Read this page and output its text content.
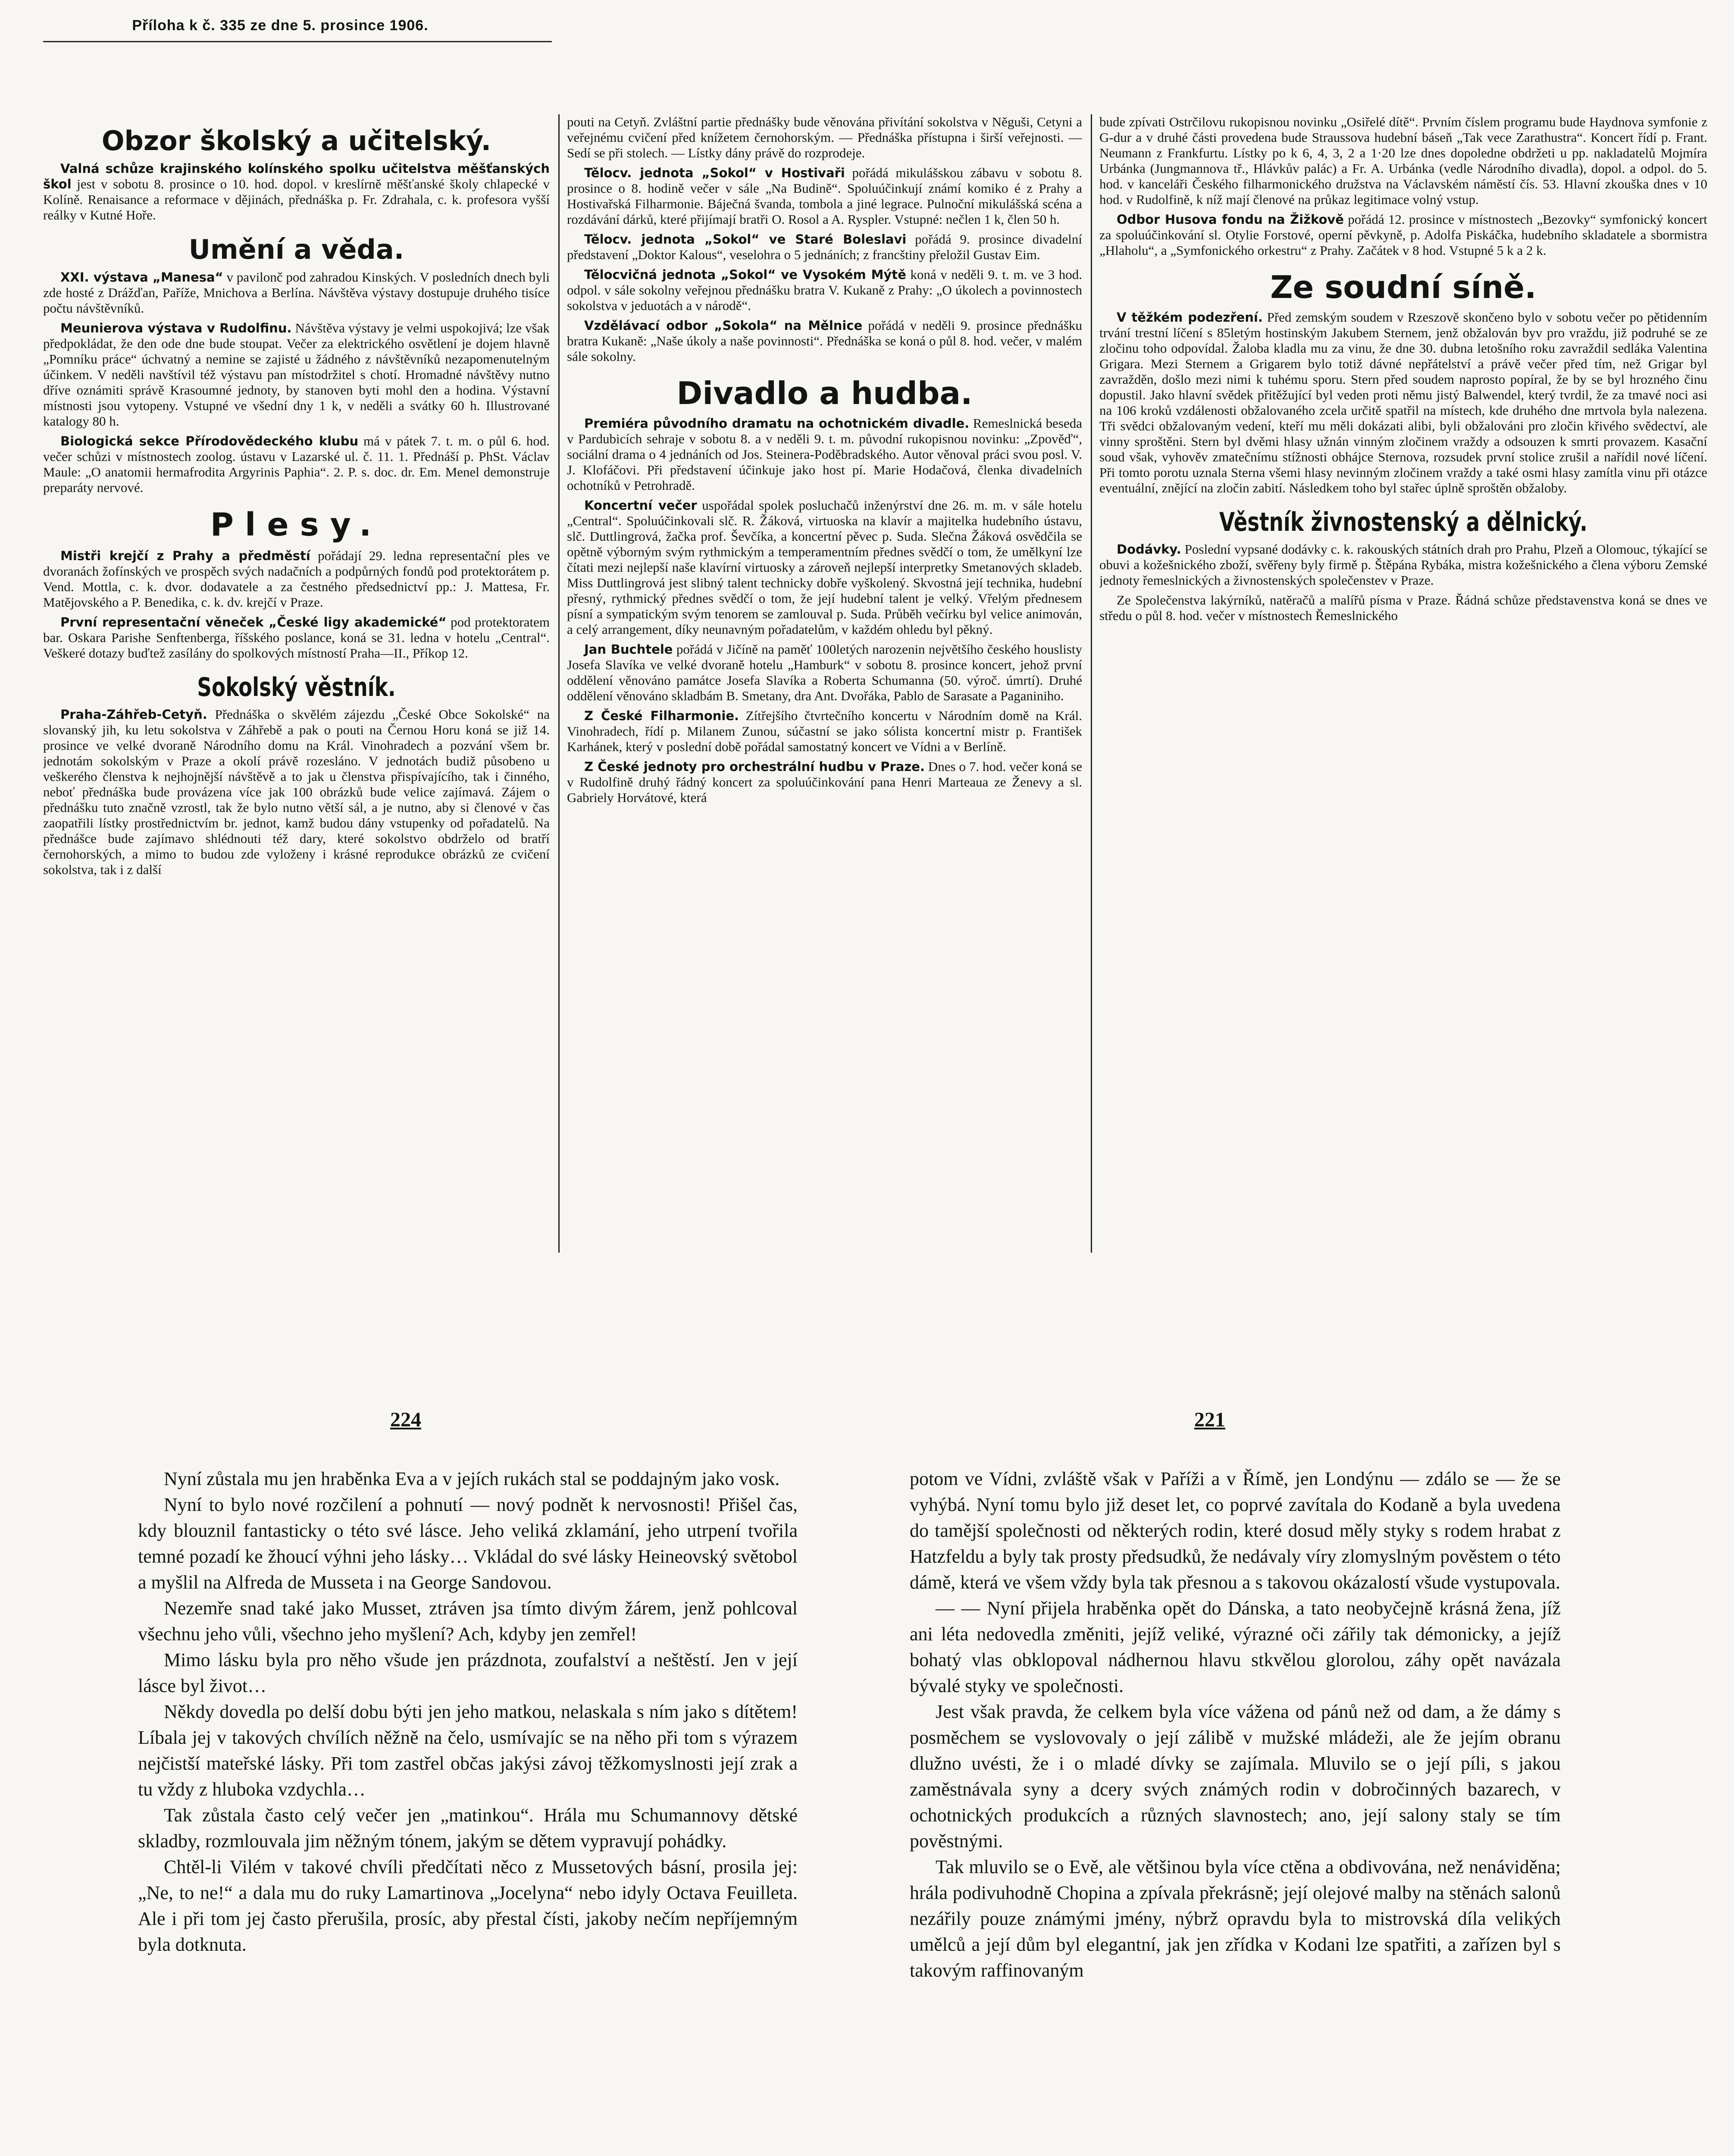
Příloha k č. 335 ze dne 5. prosince 1906.
Obzor školský a učitelský.

Valná schůze krajinského kolínského spolku učitelstva měšťanských škol jest v sobotu 8. prosince o 10. hod. dopol. v kreslírně měšťanské školy chlapecké v Kolíně. Renaisance a reformace v dějinách, přednáška p. Fr. Zdrahala, c. k. profesora vyšší reálky v Kutné Hoře.

Umění a věda.

XXI. výstava „Manesa“ v pavilonč pod zahradou Kinských. V posledních dnech byli zde hosté z Drážďan, Paříže, Mnichova a Berlína. Návštěva výstavy dostupuje druhého tisíce počtu návštěvníků.

Meunierova výstava v Rudolfinu. Návštěva výstavy je velmi uspokojivá; lze však předpokládat, že den ode dne bude stoupat. Večer za elektrického osvětlení je dojem hlavně „Pomníku práce“ úchvatný a nemine se zajisté u žádného z návštěvníků nezapomenutelným účinkem. V neděli navštívil též výstavu pan místodržitel s chotí. Hromadné návštěvy nutno dříve oznámiti správě Krasoumné jednoty, by stanoven byti mohl den a hodina. Výstavní místnosti jsou vytopeny. Vstupné ve všední dny 1 k, v neděli a svátky 60 h. Illustrované katalogy 80 h.

Biologická sekce Přírodovědeckého klubu má v pátek 7. t. m. o půl 6. hod. večer schůzi v místnostech zoolog. ústavu v Lazarské ul. č. 11. 1. Přednáší p. PhSt. Václav Maule: „O anatomii hermafrodita Argyrinis Paphia“. 2. P. s. doc. dr. Em. Menel demonstruje preparáty nervové.

Plesy.

Mistři krejčí z Prahy a předměstí pořádají 29. ledna representační ples ve dvoranách žofínských ve prospěch svých nadačních a podpůrných fondů pod protektorátem p. Vend. Mottla, c. k. dvor. dodavatele a za čestného předsednictví pp.: J. Mattesa, Fr. Matějovského a P. Benedika, c. k. dv. krejčí v Praze.

První representační věneček „České ligy akademické“ pod protektoratem bar. Oskara Parishe Senftenberga, říšského poslance, koná se 31. ledna v hotelu „Central“. Veškeré dotazy buďtež zasílány do spolkových místností Praha—II., Příkop 12.

Sokolský věstník.

Praha-Záhřeb-Cetyň. Přednáška o skvělém zájezdu „České Obce Sokolské“ na slovanský jih, ku letu sokolstva v Záhřebě a pak o pouti na Černou Horu koná se již 14. prosince ve velké dvoraně Národního domu na Král. Vinohradech a pozvání všem br. jednotám sokolským v Praze a okolí právě rozesláno. V jednotách budiž působeno u veškerého členstva k nejhojnější návštěvě a to jak u členstva přispívajícího, tak i činného, neboť přednáška bude provázena více jak 100 obrázků bude velice zajímavá. Zájem o přednášku tuto značně vzrostl, tak že bylo nutno větší sál, a je nutno, aby si členové v čas zaopatřili lístky prostřednictvím br. jednot, kamž budou dány vstupenky od pořadatelů. Na přednášce bude zajímavo shlédnouti též dary, které sokolstvo obdrželo od bratří černohorských, a mimo to budou zde vyloženy i krásné reprodukce obrázků ze cvičení sokolstva, tak i z další

pouti na Cetyň. Zvláštní partie přednášky bude věnována přivítání sokolstva v Něguši, Cetyni a veřejnému cvičení před knížetem černohorským. — Přednáška přístupna i širší veřejnosti. — Sedí se při stolech. — Lístky dány právě do rozprodeje.

Tělocv. jednota „Sokol“ v Hostivaři pořádá mikulášskou zábavu v sobotu 8. prosince o 8. hodině večer v sále „Na Budině“. Spoluúčinkují známí komiko é z Prahy a Hostivařská Filharmonie. Báječná švanda, tombola a jiné legrace. Pulnoční mikulášská scéna a rozdávání dárků, které přijímají bratři O. Rosol a A. Ryspler. Vstupné: nečlen 1 k, člen 50 h.

Tělocv. jednota „Sokol“ ve Staré Boleslavi pořádá 9. prosince divadelní představení „Doktor Kalous“, veselohra o 5 jednáních; z francštiny přeložil Gustav Eim.

Tělocvičná jednota „Sokol“ ve Vysokém Mýtě koná v neděli 9. t. m. ve 3 hod. odpol. v sále sokolny veřejnou přednášku bratra V. Kukaně z Prahy: „O úkolech a povinnostech sokolstva v jeduotách a v národě“.

Vzdělávací odbor „Sokola“ na Mělnice pořádá v neděli 9. prosince přednášku bratra Kukaně: „Naše úkoly a naše povinnosti“. Přednáška se koná o půl 8. hod. večer, v malém sále sokolny.

Divadlo a hudba.

Premiéra původního dramatu na ochotnickém divadle. Remeslnická beseda v Pardubicích sehraje v sobotu 8. a v neděli 9. t. m. původní rukopisnou novinku: „Zpověď“, sociální drama o 4 jednáních od Jos. Steinera-Poděbradského. Autor věnoval práci svou posl. V. J. Klofáčovi. Při představení účinkuje jako host pí. Marie Hodačová, členka divadelních ochotníků v Petrohradě.

Koncertní večer uspořádal spolek posluchačů inženýrství dne 26. m. m. v sále hotelu „Central“. Spoluúčinkovali slč. R. Žáková, virtuoska na klavír a majitelka hudebního ústavu, slč. Duttlingrová, žačka prof. Ševčíka, a koncertní pěvec p. Suda. Slečna Žáková osvědčila se opětně výborným svým rythmickým a temperamentním přednes svědčí o tom, že umělkyní lze čítati mezi nejlepší naše klavírní virtuosky a zároveň nejlepší interpretky Smetanových skladeb. Miss Duttlingrová jest slibný talent technicky dobře vyškolený. Skvostná její technika, hudební přesný, rythmický přednes svědčí o tom, že její hudební talent je velký. Vřelým přednesem písní a sympatickým svým tenorem se zamlouval p. Suda. Průběh večírku byl velice animován, a celý arrangement, díky neunavným pořadatelům, v každém ohledu byl pěkný.

Jan Buchtele pořádá v Jičíně na paměť 100letých narozenin největšího českého houslisty Josefa Slavíka ve velké dvoraně hotelu „Hamburk“ v sobotu 8. prosince koncert, jehož první oddělení věnováno památce Josefa Slavíka a Roberta Schumanna (50. výroč. úmrtí). Druhé oddělení věnováno skladbám B. Smetany, dra Ant. Dvořáka, Pablo de Sarasate a Paganiniho.

Z České Filharmonie. Zítřejšího čtvrtečního koncertu v Národním domě na Král. Vinohradech, řídí p. Milanem Zunou, súčastní se jako sólista koncertní mistr p. František Karhánek, který v poslední době pořádal samostatný koncert ve Vídni a v Berlíně.

Z České jednoty pro orchestrální hudbu v Praze. Dnes o 7. hod. večer koná se v Rudolfině druhý řádný koncert za spoluúčinkování pana Henri Marteaua ze Ženevy a sl. Gabriely Horvátové, která

bude zpívati Ostrčilovu rukopisnou novinku „Osiřelé dítě“. Prvním číslem programu bude Haydnova symfonie z G-dur a v druhé části provedena bude Straussova hudební báseň „Tak vece Zarathustra“. Koncert řídí p. Frant. Neumann z Frankfurtu. Lístky po k 6, 4, 3, 2 a 1·20 lze dnes dopoledne obdržeti u pp. nakladatelů Mojmíra Urbánka (Jungmannova tř., Hlávkův palác) a Fr. A. Urbánka (vedle Národního divadla), dopol. a odpol. do 5. hod. v kanceláři Českého filharmonického družstva na Václavském náměstí čís. 53. Hlavní zkouška dnes v 10 hod. v Rudolfině, k níž mají členové na průkaz legitimace volný vstup.

Odbor Husova fondu na Žižkově pořádá 12. prosince v místnostech „Bezovky“ symfonický koncert za spoluúčinkování sl. Otylie Forstové, operní pěvkyně, p. Adolfa Piskáčka, hudebního skladatele a sbormistra „Hlaholu“, a „Symfonického orkestru“ z Prahy. Začátek v 8 hod. Vstupné 5 k a 2 k.

Ze soudní síně.

V těžkém podezření. Před zemským soudem v Rzeszově skončeno bylo v sobotu večer po pětidenním trvání trestní líčení s 85letým hostinským Jakubem Sternem, jenž obžalován byv pro vraždu, již podruhé se ze zločinu toho odpovídal. Žaloba kladla mu za vinu, že dne 30. dubna letošního roku zavraždil sedláka Valentina Grigara. Mezi Sternem a Grigarem bylo totiž dávné nepřátelství a právě večer před tím, než Grigar byl zavražděn, došlo mezi nimi k tuhému sporu. Stern před soudem naprosto popíral, že by se byl hrozného činu dopustil. Jako hlavní svědek přitěžující byl veden proti němu jistý Balwendel, který tvrdil, že za tmavé noci asi na 106 kroků vzdálenosti obžalovaného zcela určitě spatřil na místech, kde druhého dne mrtvola byla nalezena. Tři svědci obžalovaným vedení, kteří mu měli dokázati alibi, byli obžalováni pro zločin křivého svědectví, ale vinny sproštěni. Stern byl dvěmi hlasy užnán vinným zločinem vraždy a odsouzen k smrti provazem. Kasační soud však, vyhověv zmatečnímu stížnosti obhájce Sternova, rozsudek první stolice zrušil a nařídil nové líčení. Při tomto porotu uznala Sterna všemi hlasy nevinným zločinem vraždy a také osmi hlasy zamítla vinu při otázce eventuální, znějící na zločin zabití. Následkem toho byl stařec úplně sproštěn obžaloby.

Věstník živnostenský a dělnický.

Dodávky. Poslední vypsané dodávky c. k. rakouských státních drah pro Prahu, Plzeň a Olomouc, týkající se obuvi a kožešnického zboží, svěřeny byly firmě p. Štěpána Rybáka, mistra kožešnického a člena výboru Zemské jednoty řemeslnických a živnostenských společenstev v Praze.

Ze Společenstva lakýrníků, natěračů a malířů písma v Praze. Řádná schůze představenstva koná se dnes ve středu o půl 8. hod. večer v místnostech Řemeslnického

224	221

Nyní zůstala mu jen hraběnka Eva a v jejích rukách stal se poddajným jako vosk.

Nyní to bylo nové rozčilení a pohnutí — nový podnět k nervosnosti! Přišel čas, kdy blouznil fantasticky o této své lásce. Jeho veliká zklamání, jeho utrpení tvořila temné pozadí ke žhoucí výhni jeho lásky… Vkládal do své lásky Heineovský světobol a myšlil na Alfreda de Musseta i na George Sandovou.

Nezemře snad také jako Musset, ztráven jsa tímto divým žárem, jenž pohlcoval všechnu jeho vůli, všechno jeho myšlení? Ach, kdyby jen zemřel!

Mimo lásku byla pro něho všude jen prázdnota, zoufalství a neštěstí. Jen v její lásce byl život…

Někdy dovedla po delší dobu býti jen jeho matkou, nelaskala s ním jako s dítětem! Líbala jej v takových chvílích něžně na čelo, usmívajíc se na něho při tom s výrazem nejčistší mateřské lásky. Při tom zastřel občas jakýsi závoj těžkomyslnosti její zrak a tu vždy z hluboka vzdychla…

Tak zůstala často celý večer jen „matinkou“. Hrála mu Schumannovy dětské skladby, rozmlouvala jim něžným tónem, jakým se dětem vypravují pohádky.

Chtěl-li Vilém v takové chvíli předčítati něco z Mussetových básní, prosila jej: „Ne, to ne!“ a dala mu do ruky Lamartinova „Jocelyna“ nebo idyly Octava Feuilleta. Ale i při tom jej často přerušila, prosíc, aby přestal čísti, jakoby nečím nepříjemným byla dotknuta.

potom ve Vídni, zvláště však v Paříži a v Římě, jen Londýnu — zdálo se — že se vyhýbá. Nyní tomu bylo již deset let, co poprvé zavítala do Kodaně a byla uvedena do tamější společnosti od některých rodin, které dosud měly styky s rodem hrabat z Hatzfeldu a byly tak prosty předsudků, že nedávaly víry zlomyslným pověstem o této dámě, která ve všem vždy byla tak přesnou a s takovou okázalostí všude vystupovala.

— — Nyní přijela hraběnka opět do Dánska, a tato neobyčejně krásná žena, jíž ani léta nedovedla změniti, jejíž veliké, výrazné oči zářily tak démonicky, a jejíž bohatý vlas obklopoval nádhernou hlavu stkvělou glorolou, záhy opět navázala bývalé styky ve společnosti.

Jest však pravda, že celkem byla více vážena od pánů než od dam, a že dámy s posměchem se vyslovovaly o její zálibě v mužské mládeži, ale že jejím obranu dlužno uvésti, že i o mladé dívky se zajímala. Mluvilo se o její píli, s jakou zaměstnávala syny a dcery svých známých rodin v dobročinných bazarech, v ochotnických produkcích a různých slavnostech; ano, její salony staly se tím pověstnými.

Tak mluvilo se o Evě, ale většinou byla více ctěna a obdivována, než nenáviděna; hrála podivuhodně Chopina a zpívala překrásně; její olejové malby na stěnách salonů nezářily pouze známými jmény, nýbrž opravdu byla to mistrovská díla velikých umělců a její dům byl elegantní, jak jen zřídka v Kodani lze spatřiti, a zařízen byl s takovým raffinovaným
